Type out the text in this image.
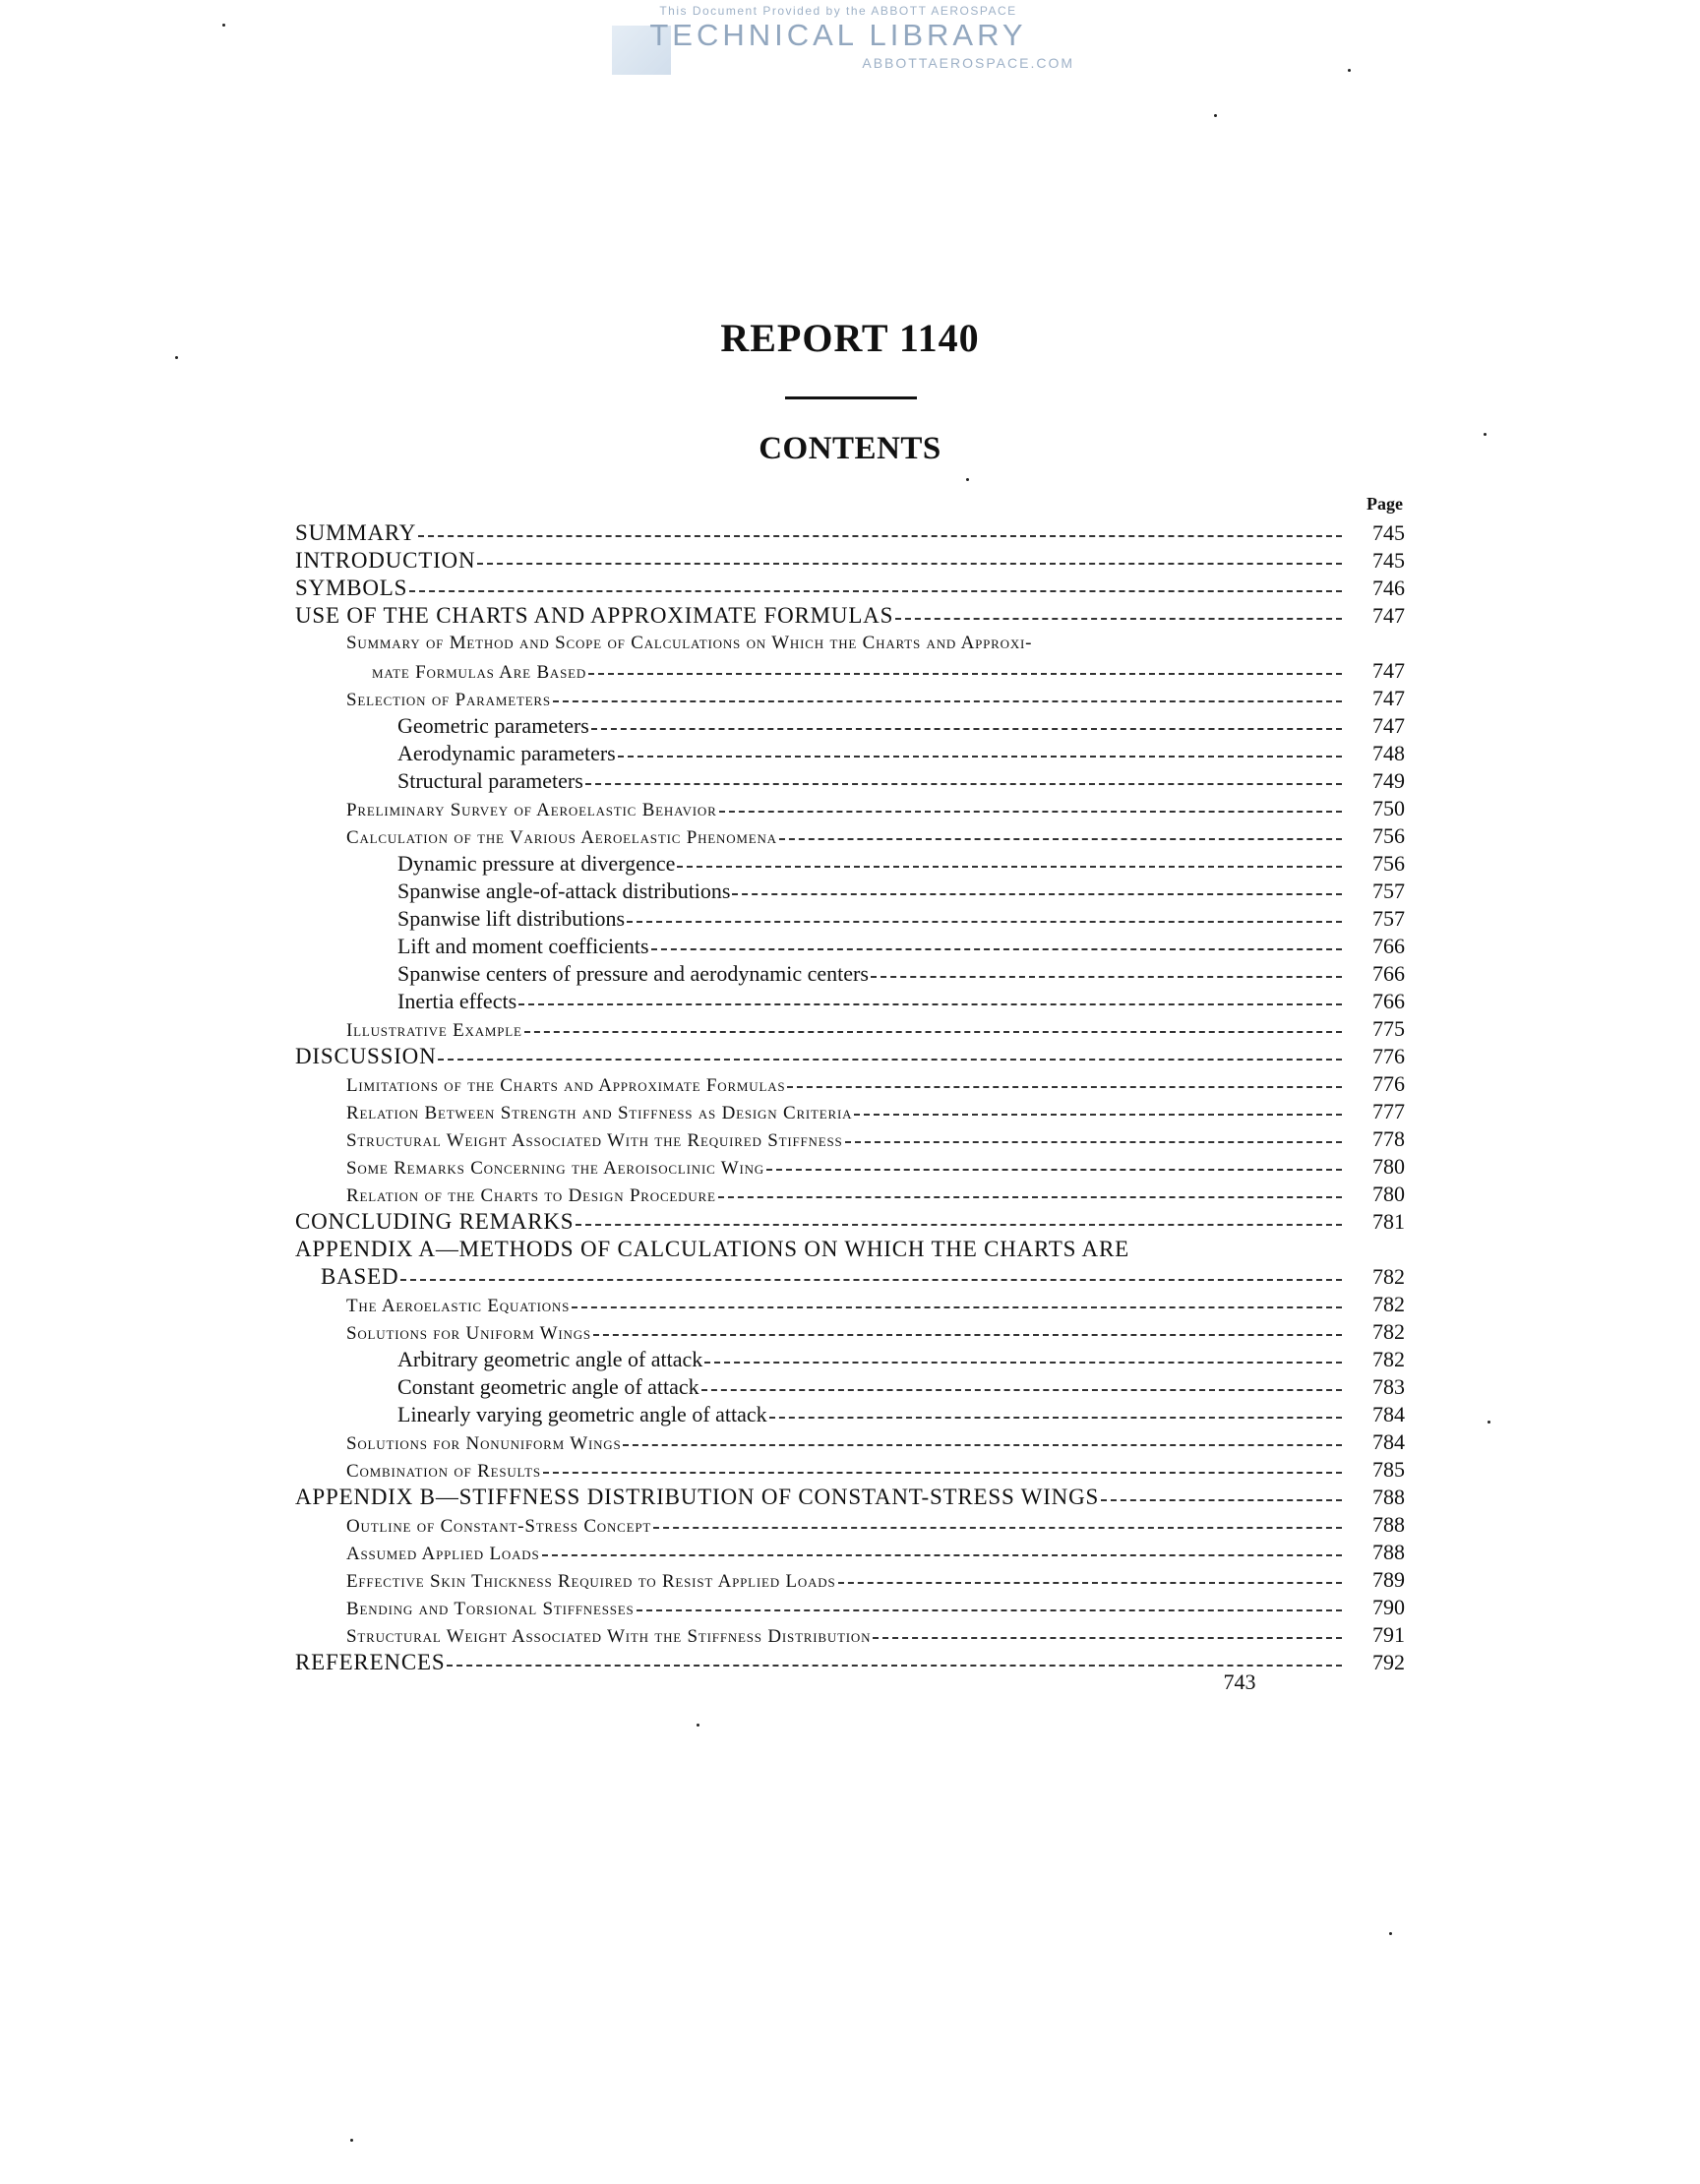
This Document Provided by the ABBOTT AEROSPACE
TECHNICAL LIBRARY
ABBOTTAEROSPACE.COM
REPORT 1140
CONTENTS
Page
SUMMARY	745
INTRODUCTION	745
SYMBOLS	746
USE OF THE CHARTS AND APPROXIMATE FORMULAS	747
Summary of Method and Scope of Calculations on Which the Charts and Approxi-
mate Formulas Are Based	747
Selection of Parameters	747
Geometric parameters	747
Aerodynamic parameters	748
Structural parameters	749
Preliminary Survey of Aeroelastic Behavior	750
Calculation of the Various Aeroelastic Phenomena	756
Dynamic pressure at divergence	756
Spanwise angle-of-attack distributions	757
Spanwise lift distributions	757
Lift and moment coefficients	766
Spanwise centers of pressure and aerodynamic centers	766
Inertia effects	766
Illustrative Example	775
DISCUSSION	776
Limitations of the Charts and Approximate Formulas	776
Relation Between Strength and Stiffness as Design Criteria	777
Structural Weight Associated With the Required Stiffness	778
Some Remarks Concerning the Aeroisoclinic Wing	780
Relation of the Charts to Design Procedure	780
CONCLUDING REMARKS	781
APPENDIX A—METHODS OF CALCULATIONS ON WHICH THE CHARTS ARE
BASED	782
The Aeroelastic Equations	782
Solutions for Uniform Wings	782
Arbitrary geometric angle of attack	782
Constant geometric angle of attack	783
Linearly varying geometric angle of attack	784
Solutions for Nonuniform Wings	784
Combination of Results	785
APPENDIX B—STIFFNESS DISTRIBUTION OF CONSTANT-STRESS WINGS	788
Outline of Constant-Stress Concept	788
Assumed Applied Loads	788
Effective Skin Thickness Required to Resist Applied Loads	789
Bending and Torsional Stiffnesses	790
Structural Weight Associated With the Stiffness Distribution	791
REFERENCES	792
743
